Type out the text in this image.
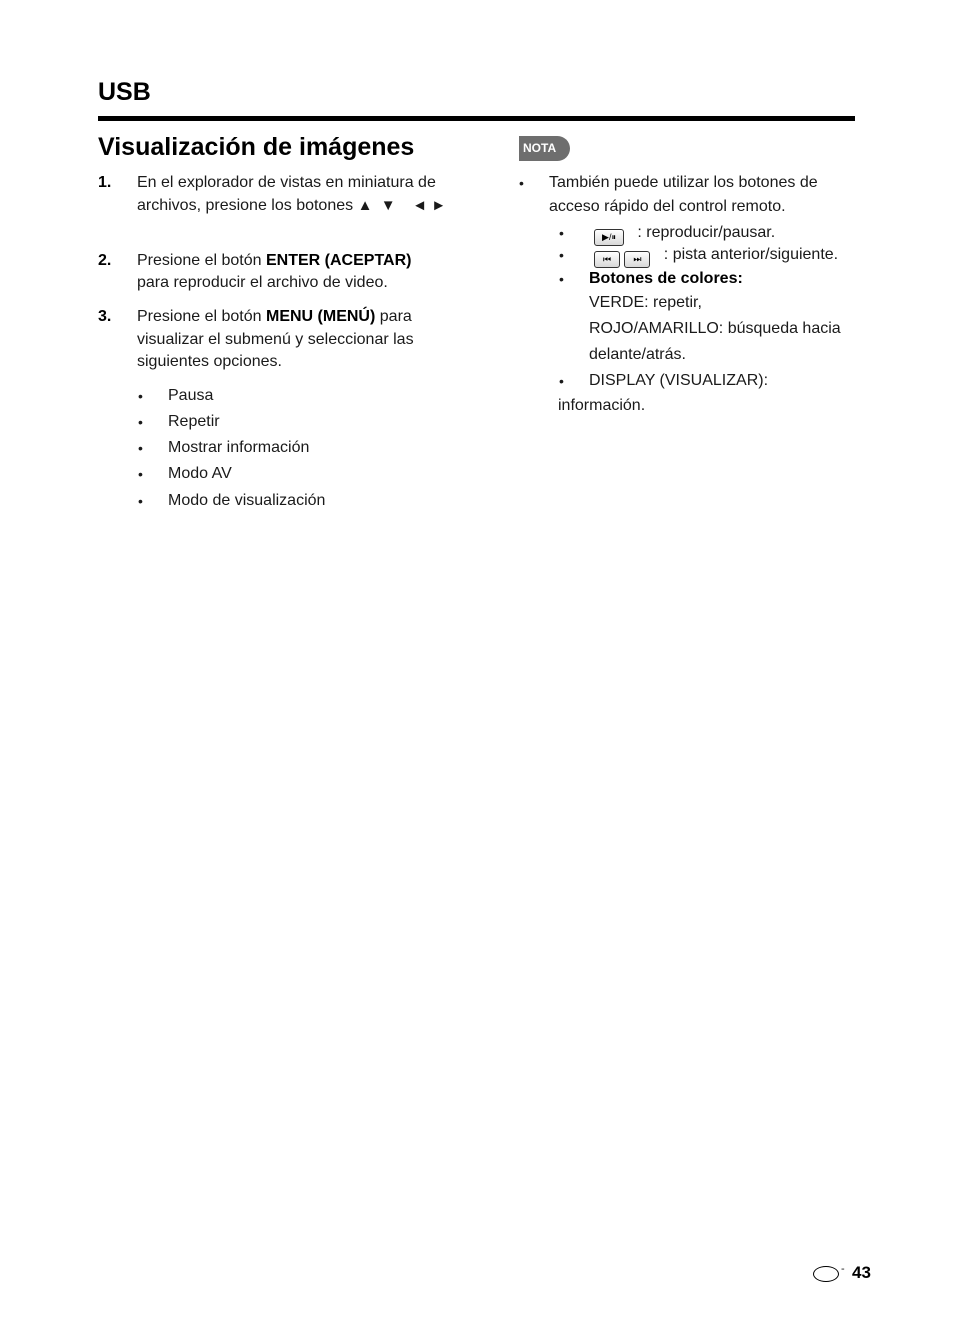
USB
Visualización de imágenes
1. En el explorador de vistas en miniatura de
archivos, presione los botones ▲  ▼    ◄ ►
2. Presione el botón ENTER (ACEPTAR)
para reproducir el archivo de video.
3. Presione el botón MENU (MENÚ) para
visualizar el submenú y seleccionar las
siguientes opciones.
• Pausa
• Repetir
• Mostrar información
• Modo AV
• Modo de visualización
NOTA
• También puede utilizar los botones de
acceso rápido del control remoto.
•	▶/⏸ : reproducir/pausar.
•	⏮ ⏭ : pista anterior/siguiente.
• Botones de colores:
VERDE: repetir,
ROJO/AMARILLO: búsqueda hacia
delante/atrás.
• DISPLAY (VISUALIZAR):
información.
- 43
